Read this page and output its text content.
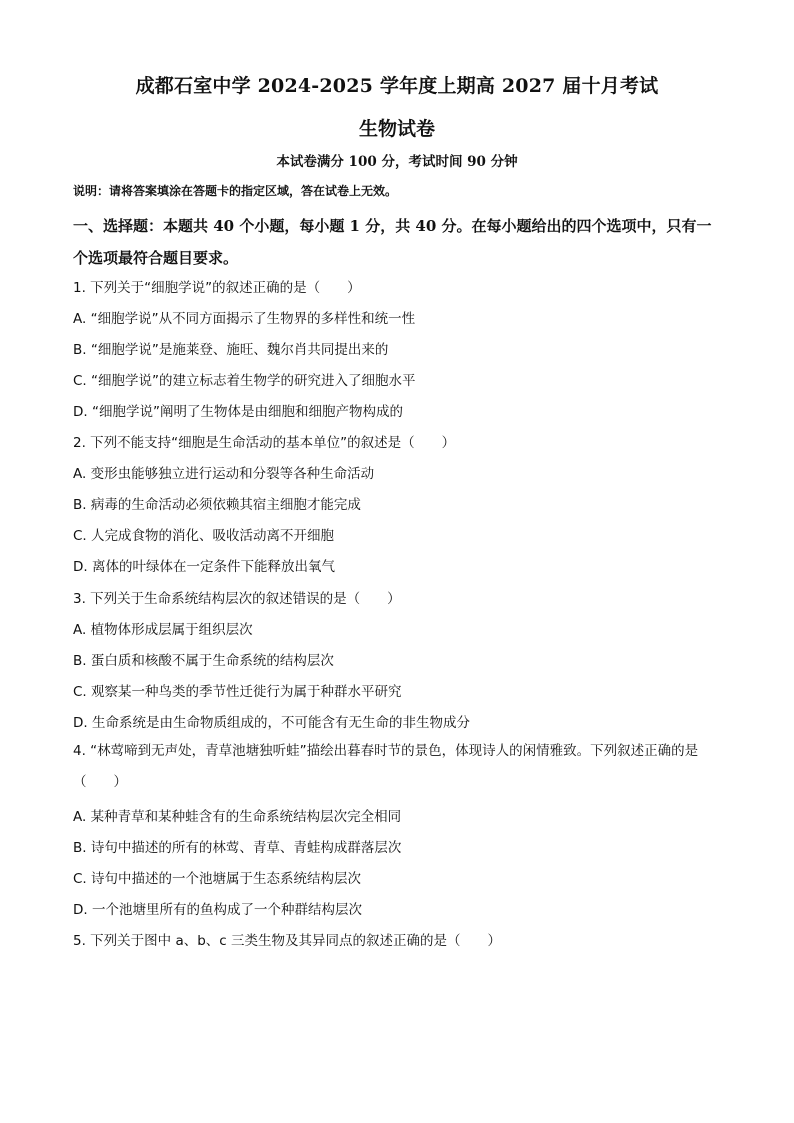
成都石室中学 2024-2025 学年度上期高 2027 届十月考试
生物试卷
本试卷满分 100 分，考试时间 90 分钟
说明：请将答案填涂在答题卡的指定区域，答在试卷上无效。
一、选择题：本题共 40 个小题，每小题 1 分，共 40 分。在每小题给出的四个选项中，只有一个选项最符合题目要求。
1. 下列关于“细胞学说”的叙述正确的是（　　）
A. “细胞学说”从不同方面揭示了生物界的多样性和统一性
B. “细胞学说”是施莱登、施旺、魏尔肖共同提出来的
C. “细胞学说”的建立标志着生物学的研究进入了细胞水平
D. “细胞学说”阐明了生物体是由细胞和细胞产物构成的
2. 下列不能支持“细胞是生命活动的基本单位”的叙述是（　　）
A. 变形虫能够独立进行运动和分裂等各种生命活动
B. 病毒的生命活动必须依赖其宿主细胞才能完成
C. 人完成食物的消化、吸收活动离不开细胞
D. 离体的叶绿体在一定条件下能释放出氧气
3. 下列关于生命系统结构层次的叙述错误的是（　　）
A. 植物体形成层属于组织层次
B. 蛋白质和核酸不属于生命系统的结构层次
C. 观察某一种鸟类的季节性迁徙行为属于种群水平研究
D. 生命系统是由生命物质组成的，不可能含有无生命的非生物成分
4. “林莺啼到无声处，青草池塘独听蛙”描绘出暮春时节的景色，体现诗人的闲情雅致。下列叙述正确的是（　　）
A. 某种青草和某种蛙含有的生命系统结构层次完全相同
B. 诗句中描述的所有的林莺、青草、青蛙构成群落层次
C. 诗句中描述的一个池塘属于生态系统结构层次
D. 一个池塘里所有的鱼构成了一个种群结构层次
5. 下列关于图中 a、b、c 三类生物及其异同点的叙述正确的是（　　）
